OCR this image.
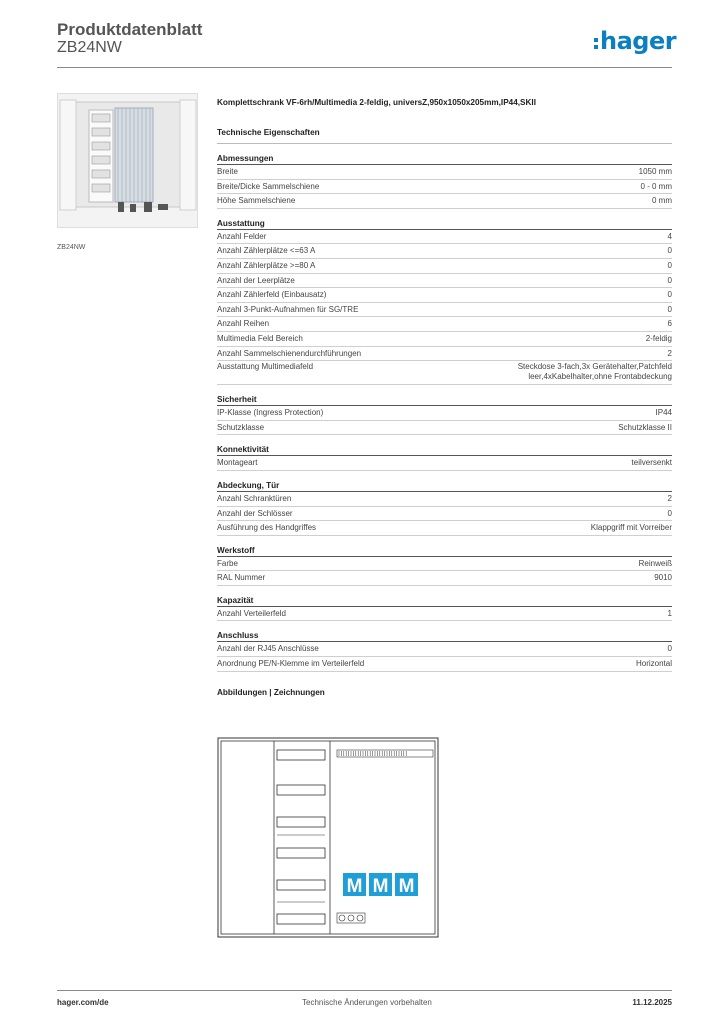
Produktdatenblatt
ZB24NW	hager
ZB24NW
Komplettschrank VF-6rh/Multimedia 2-feldig, universZ,950x1050x205mm,IP44,SKII
Technische Eigenschaften
Abmessungen
Breite	1050 mm
Breite/Dicke Sammelschiene	0 - 0 mm
Höhe Sammelschiene	0 mm
Ausstattung
Anzahl Felder	4
Anzahl Zählerplätze <=63 A	0
Anzahl Zählerplätze >=80 A	0
Anzahl der Leerplätze	0
Anzahl Zählerfeld (Einbausatz)	0
Anzahl 3-Punkt-Aufnahmen für SG/TRE	0
Anzahl Reihen	6
Multimedia Feld Bereich	2-feldig
Anzahl Sammelschienendurchführungen	2
Ausstattung Multimediafeld	Steckdose 3-fach,3x Gerätehalter,Patchfeld leer,4xKabelhalter,ohne Frontabdeckung
Sicherheit
IP-Klasse (Ingress Protection)	IP44
Schutzklasse	Schutzklasse II
Konnektivität
Montageart	teilversenkt
Abdeckung, Tür
Anzahl Schranktüren	2
Anzahl der Schlösser	0
Ausführung des Handgriffes	Klappgriff mit Vorreiber
Werkstoff
Farbe	Reinweiß
RAL Nummer	9010
Kapazität
Anzahl Verteilerfeld	1
Anschluss
Anzahl der RJ45 Anschlüsse	0
Anordnung PE/N-Klemme im Verteilerfeld	Horizontal
Abbildungen | Zeichnungen
M M M
hager.com/de	Technische Änderungen vorbehalten	11.12.2025
